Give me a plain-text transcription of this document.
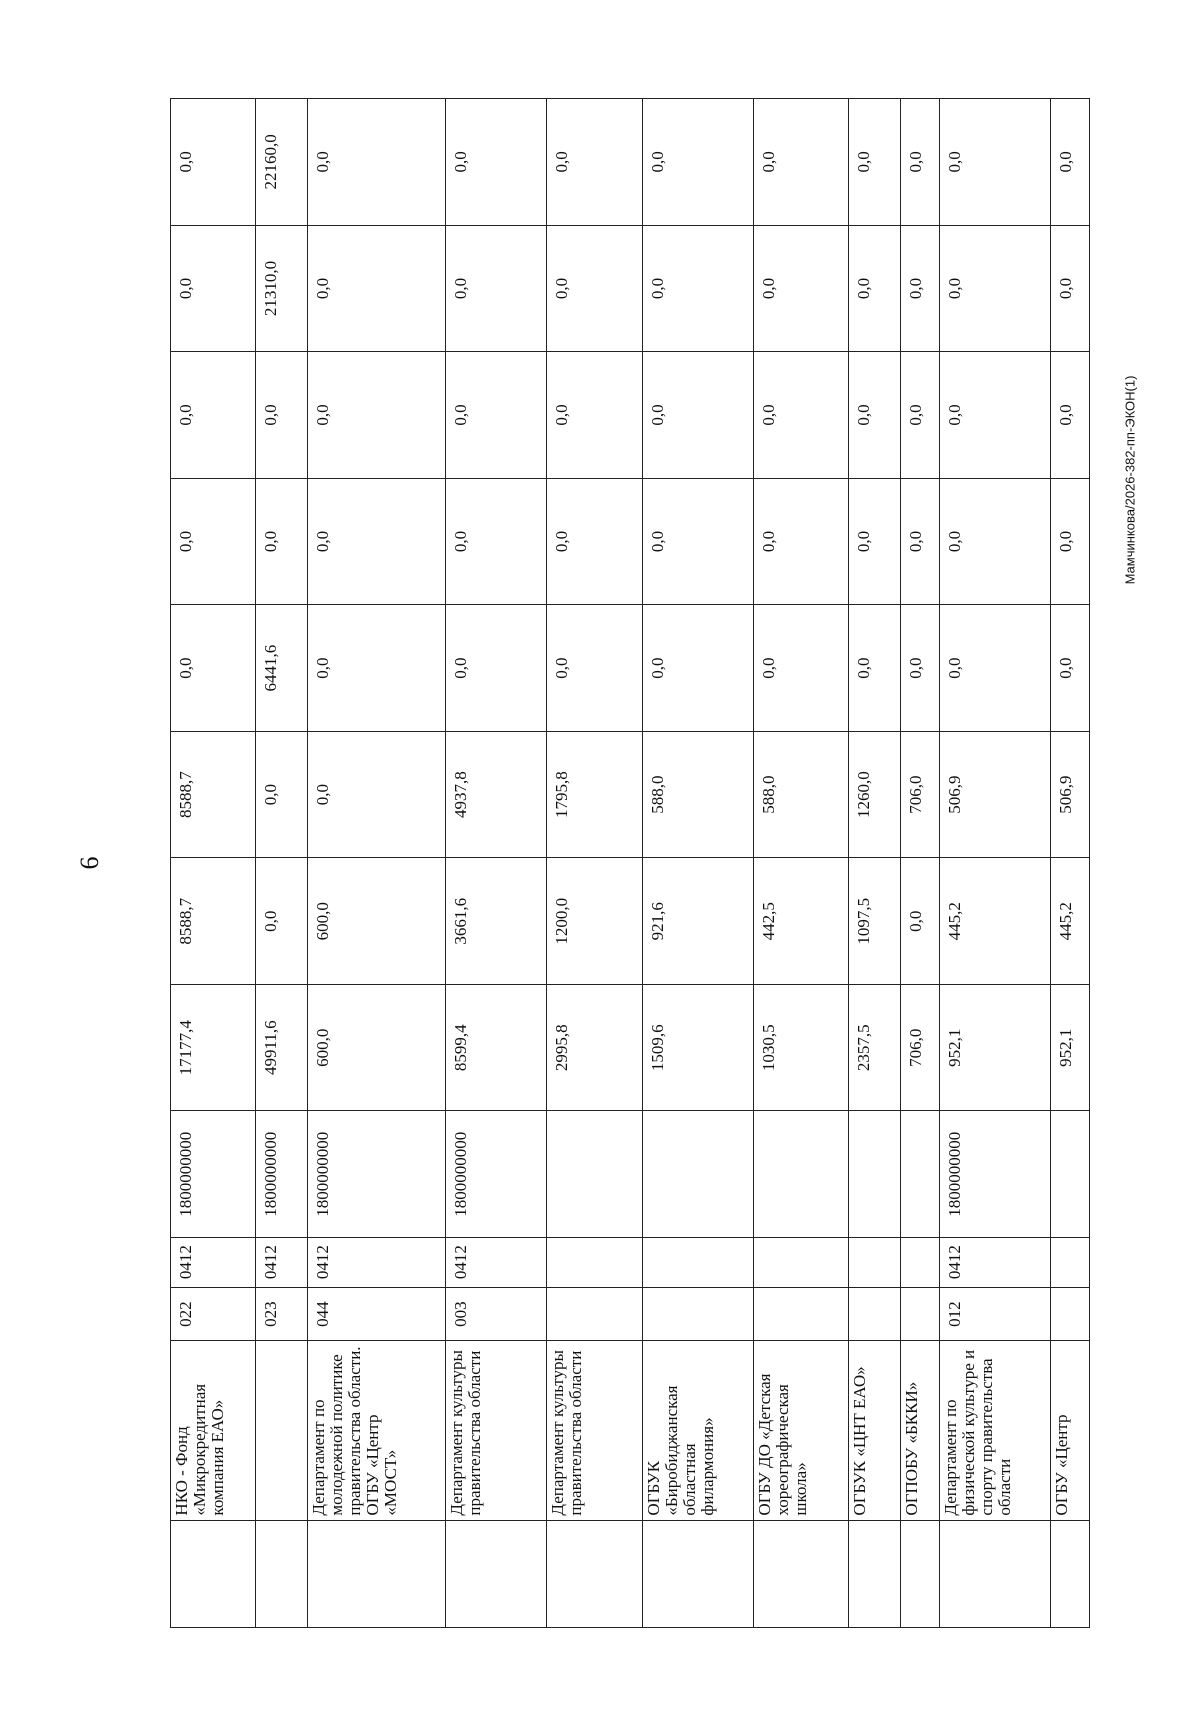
6
Мамчинкова/2026-382-пп-ЭКОН(1)
	НКО - Фонд «Микрокредитная компания ЕАО»	022	0412	1800000000	17177,4	8588,7	8588,7	0,0	0,0	0,0	0,0	0,0
		023	0412	1800000000	49911,6	0,0	0,0	6441,6	0,0	0,0	21310,0	22160,0
	Департамент по молодежной политике правительства области. ОГБУ «Центр «МОСТ»	044	0412	1800000000	600,0	600,0	0,0	0,0	0,0	0,0	0,0	0,0
	Департамент культуры правительства области	003	0412	1800000000	8599,4	3661,6	4937,8	0,0	0,0	0,0	0,0	0,0
	Департамент культуры правительства области				2995,8	1200,0	1795,8	0,0	0,0	0,0	0,0	0,0
	ОГБУК «Биробиджанская областная филармония»				1509,6	921,6	588,0	0,0	0,0	0,0	0,0	0,0
	ОГБУ ДО «Детская хореографическая школа»				1030,5	442,5	588,0	0,0	0,0	0,0	0,0	0,0
	ОГБУК «ЦНТ ЕАО»				2357,5	1097,5	1260,0	0,0	0,0	0,0	0,0	0,0
	ОГПОБУ «БККИ»				706,0	0,0	706,0	0,0	0,0	0,0	0,0	0,0
	Департамент по физической культуре и спорту правительства области	012	0412	1800000000	952,1	445,2	506,9	0,0	0,0	0,0	0,0	0,0
	ОГБУ «Центр				952,1	445,2	506,9	0,0	0,0	0,0	0,0	0,0
